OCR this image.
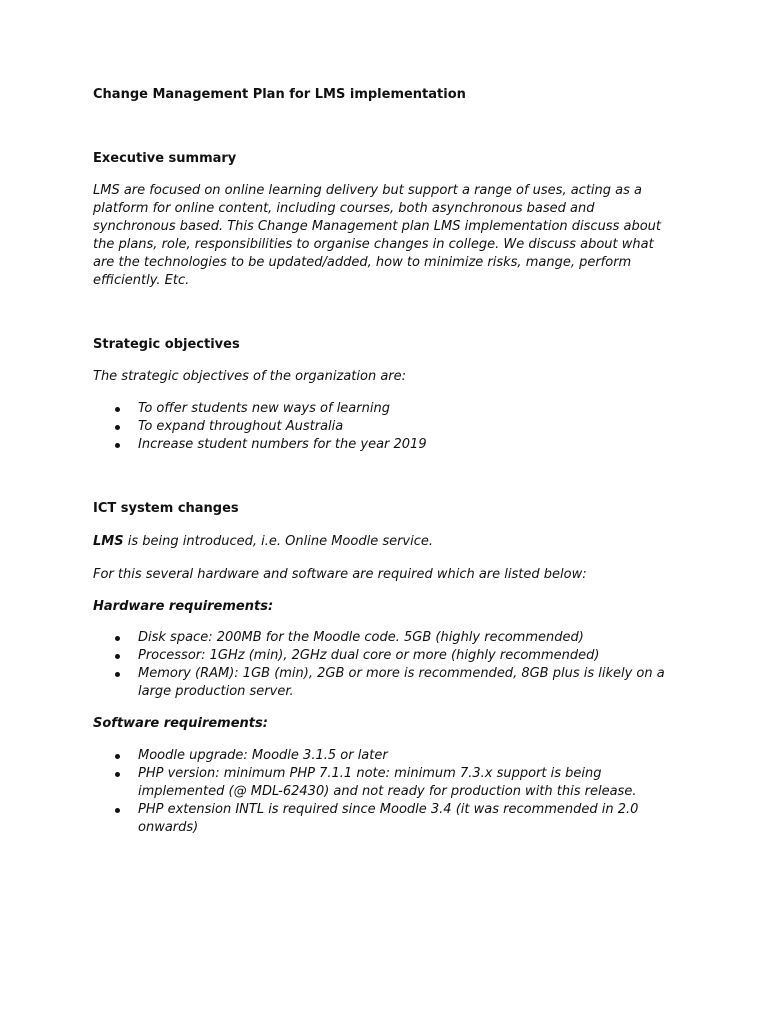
Change Management Plan for LMS implementation
Executive summary
LMS are focused on online learning delivery but support a range of uses, acting as a
platform for online content, including courses, both asynchronous based and
synchronous based. This Change Management plan LMS implementation discuss about
the plans, role, responsibilities to organise changes in college. We discuss about what
are the technologies to be updated/added, how to minimize risks, mange, perform
efficiently. Etc.
Strategic objectives
The strategic objectives of the organization are:
To offer students new ways of learning
To expand throughout Australia
Increase student numbers for the year 2019
ICT system changes
LMS is being introduced, i.e. Online Moodle service.
For this several hardware and software are required which are listed below:
Hardware requirements:
Disk space: 200MB for the Moodle code. 5GB (highly recommended)
Processor: 1GHz (min), 2GHz dual core or more (highly recommended)
Memory (RAM): 1GB (min), 2GB or more is recommended, 8GB plus is likely on a large production server.
Software requirements:
Moodle upgrade: Moodle 3.1.5 or later
PHP version: minimum PHP 7.1.1 note: minimum 7.3.x support is being implemented (@ MDL-62430) and not ready for production with this release.
PHP extension INTL is required since Moodle 3.4 (it was recommended in 2.0 onwards)
